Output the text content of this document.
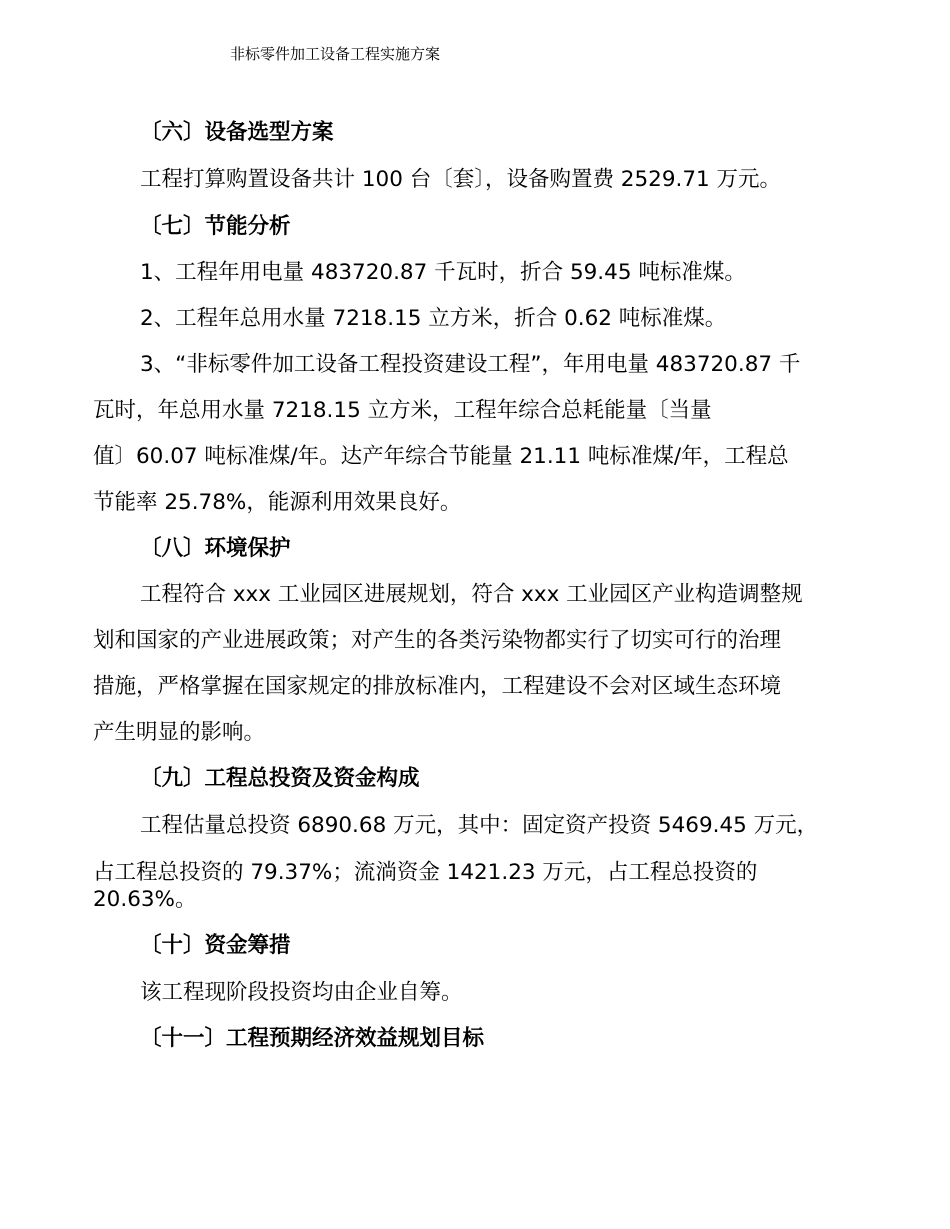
非标零件加工设备工程实施方案
〔六〕设备选型方案
工程打算购置设备共计 100 台〔套〕，设备购置费 2529.71 万元。
〔七〕节能分析
1、工程年用电量 483720.87 千瓦时，折合 59.45 吨标准煤。
2、工程年总用水量 7218.15 立方米，折合 0.62 吨标准煤。
3、“非标零件加工设备工程投资建设工程”，年用电量 483720.87 千
瓦时，年总用水量 7218.15 立方米，工程年综合总耗能量〔当量
值〕60.07 吨标准煤/年。达产年综合节能量 21.11 吨标准煤/年，工程总
节能率 25.78%，能源利用效果良好。
〔八〕环境保护
工程符合 xxx 工业园区进展规划，符合 xxx 工业园区产业构造调整规
划和国家的产业进展政策；对产生的各类污染物都实行了切实可行的治理
措施，严格掌握在国家规定的排放标准内，工程建设不会对区域生态环境
产生明显的影响。
〔九〕工程总投资及资金构成
工程估量总投资 6890.68 万元，其中：固定资产投资 5469.45 万元，
占工程总投资的 79.37%；流淌资金 1421.23 万元，占工程总投资的
20.63%。
〔十〕资金筹措
该工程现阶段投资均由企业自筹。
〔十一〕工程预期经济效益规划目标
